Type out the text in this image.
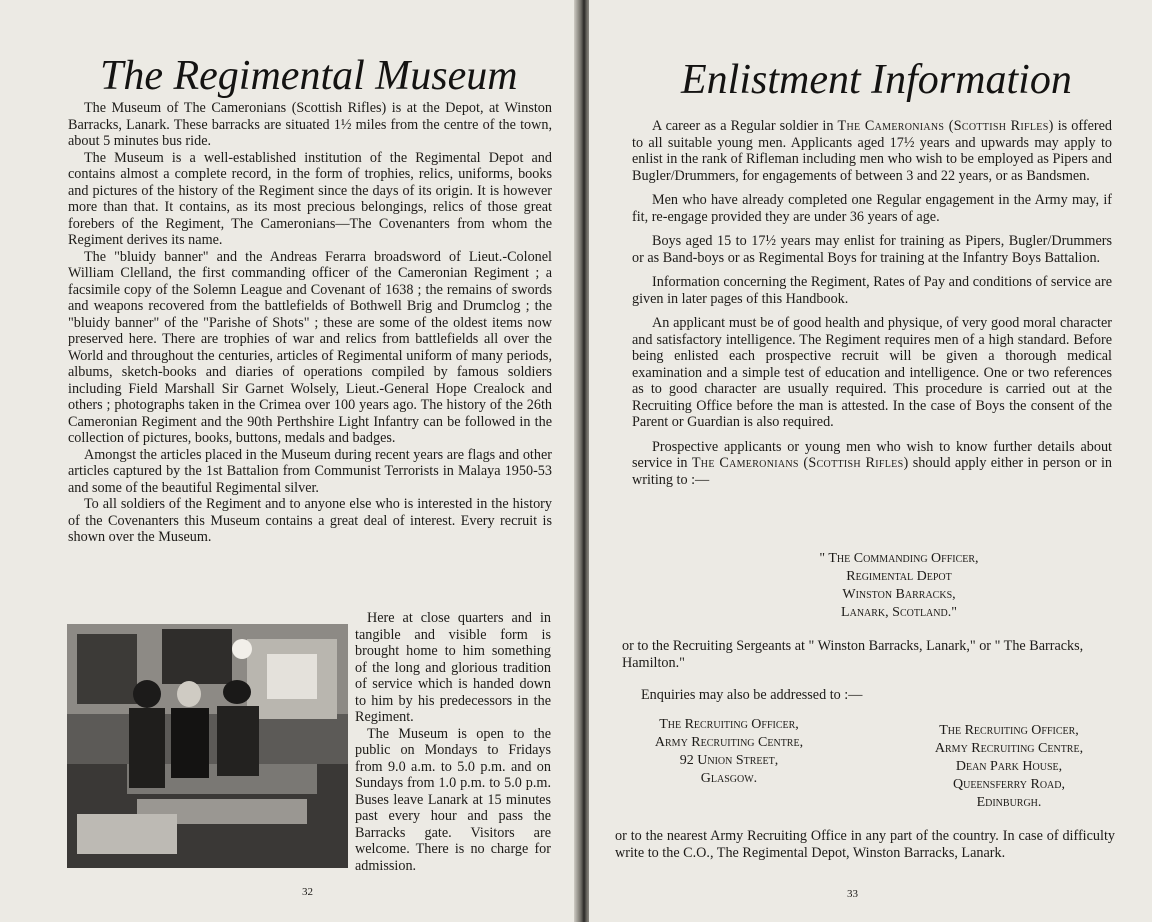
The Regimental Museum

The Museum of The Cameronians (Scottish Rifles) is at the Depot, at Winston Barracks, Lanark. These barracks are situated 1½ miles from the centre of the town, about 5 minutes bus ride.

The Museum is a well-established institution of the Regimental Depot and contains almost a complete record, in the form of trophies, relics, uniforms, books and pictures of the history of the Regiment since the days of its origin. It is however more than that. It contains, as its most precious belongings, relics of those great forebers of the Regiment, The Cameronians—The Covenanters from whom the Regiment derives its name.

The "bluidy banner" and the Andreas Ferarra broadsword of Lieut.-Colonel William Clelland, the first commanding officer of the Cameronian Regiment ; a facsimile copy of the Solemn League and Covenant of 1638 ; the remains of swords and weapons recovered from the battlefields of Bothwell Brig and Drumclog ; the "bluidy banner" of the "Parishe of Shots" ; these are some of the oldest items now preserved here. There are trophies of war and relics from battlefields all over the World and throughout the centuries, articles of Regimental uniform of many periods, albums, sketch-books and diaries of operations compiled by famous soldiers including Field Marshall Sir Garnet Wolsely, Lieut.-General Hope Crealock and others ; photographs taken in the Crimea over 100 years ago. The history of the 26th Cameronian Regiment and the 90th Perthshire Light Infantry can be followed in the collection of pictures, books, buttons, medals and badges.

Amongst the articles placed in the Museum during recent years are flags and other articles captured by the 1st Battalion from Communist Terrorists in Malaya 1950-53 and some of the beautiful Regimental silver.

To all soldiers of the Regiment and to anyone else who is interested in the history of the Covenanters this Museum contains a great deal of interest. Every recruit is shown over the Museum.

Here at close quarters and in tangible and visible form is brought home to him something of the long and glorious tradition of service which is handed down to him by his predecessors in the Regiment.

The Museum is open to the public on Mondays to Fridays from 9.0 a.m. to 5.0 p.m. and on Sundays from 1.0 p.m. to 5.0 p.m. Buses leave Lanark at 15 minutes past every hour and pass the Barracks gate. Visitors are welcome. There is no charge for admission.

32
Enlistment Information

A career as a Regular soldier in The Cameronians (Scottish Rifles) is offered to all suitable young men. Applicants aged 17½ years and upwards may apply to enlist in the rank of Rifleman including men who wish to be employed as Pipers and Bugler/Drummers, for engagements of between 3 and 22 years, or as Bandsmen.

Men who have already completed one Regular engagement in the Army may, if fit, re-engage provided they are under 36 years of age.

Boys aged 15 to 17½ years may enlist for training as Pipers, Bugler/Drummers or as Band-boys or as Regimental Boys for training at the Infantry Boys Battalion.

Information concerning the Regiment, Rates of Pay and conditions of service are given in later pages of this Handbook.

An applicant must be of good health and physique, of very good moral character and satisfactory intelligence. The Regiment requires men of a high standard. Before being enlisted each prospective recruit will be given a thorough medical examination and a simple test of education and intelligence. One or two references as to good character are usually required. This procedure is carried out at the Recruiting Office before the man is attested. In the case of Boys the consent of the Parent or Guardian is also required.

Prospective applicants or young men who wish to know further details about service in The Cameronians (Scottish Rifles) should apply either in person or in writing to :—

" The Commanding Officer,
Regimental Depot
Winston Barracks,
Lanark, Scotland."
or to the Recruiting Sergeants at " Winston Barracks, Lanark," or " The Barracks, Hamilton."
Enquiries may also be addressed to :—
The Recruiting Officer,
Army Recruiting Centre,
92 Union Street,
Glasgow.
The Recruiting Officer,
Army Recruiting Centre,
Dean Park House,
Queensferry Road,
Edinburgh.
or to the nearest Army Recruiting Office in any part of the country. In case of difficulty write to the C.O., The Regimental Depot, Winston Barracks, Lanark.
33
